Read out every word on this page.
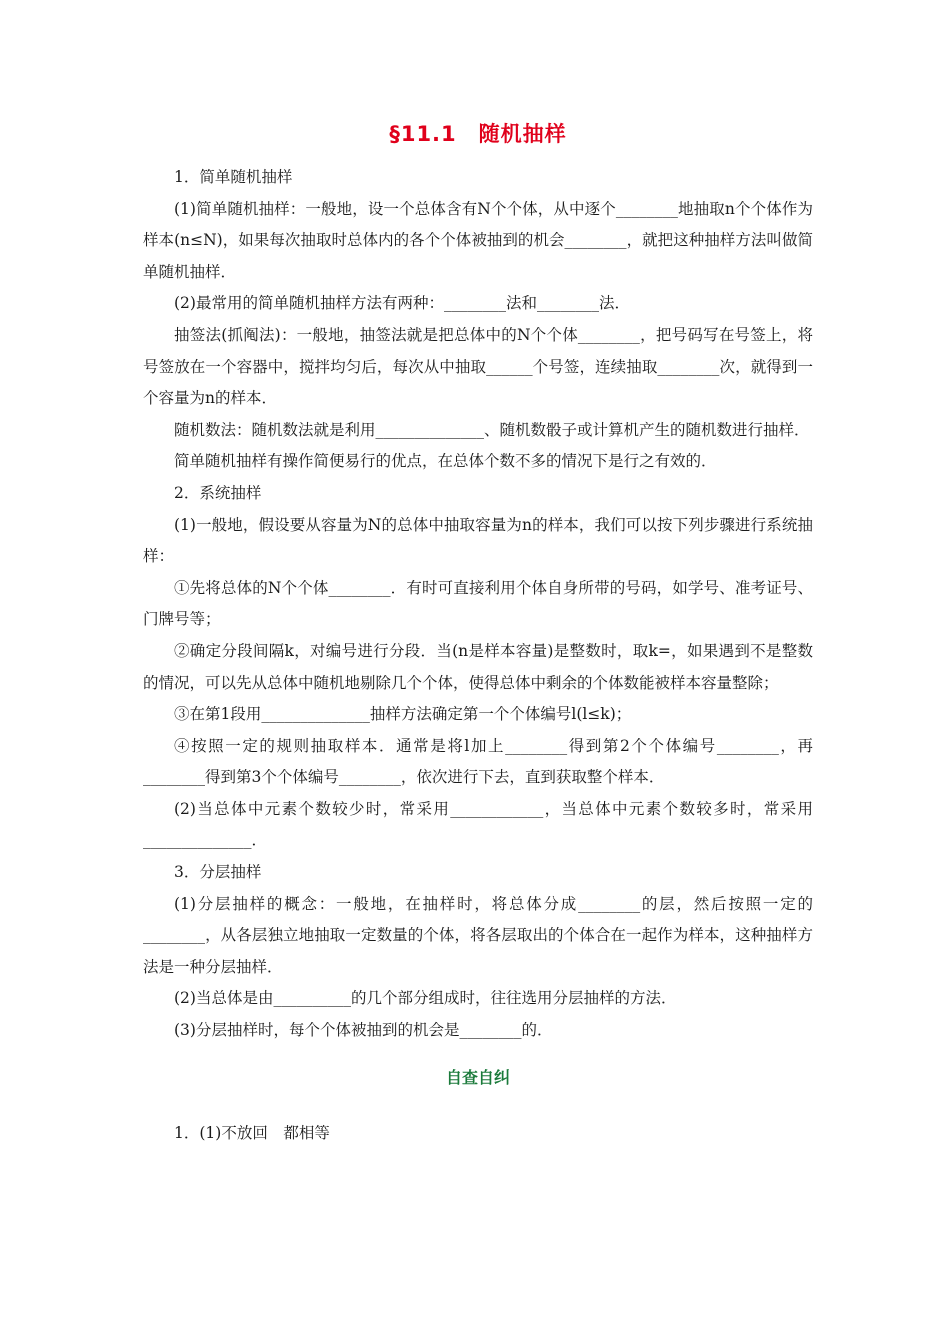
§11.1　随机抽样

1．简单随机抽样

(1)简单随机抽样：一般地，设一个总体含有N个个体，从中逐个________地抽取n个个体作为样本(n≤N)，如果每次抽取时总体内的各个个体被抽到的机会________，就把这种抽样方法叫做简单随机抽样．

(2)最常用的简单随机抽样方法有两种：________法和________法．

抽签法(抓阄法)：一般地，抽签法就是把总体中的N个个体________，把号码写在号签上，将号签放在一个容器中，搅拌均匀后，每次从中抽取______个号签，连续抽取________次，就得到一个容量为n的样本．

随机数法：随机数法就是利用______________、随机数骰子或计算机产生的随机数进行抽样．

简单随机抽样有操作简便易行的优点，在总体个数不多的情况下是行之有效的．

2．系统抽样

(1)一般地，假设要从容量为N的总体中抽取容量为n的样本，我们可以按下列步骤进行系统抽样：

①先将总体的N个个体________．有时可直接利用个体自身所带的号码，如学号、准考证号、门牌号等；

②确定分段间隔k，对编号进行分段．当(n是样本容量)是整数时，取k=，如果遇到不是整数的情况，可以先从总体中随机地剔除几个个体，使得总体中剩余的个体数能被样本容量整除；

③在第1段用______________抽样方法确定第一个个体编号l(l≤k)；

④按照一定的规则抽取样本．通常是将l加上________得到第2个个体编号________，再________得到第3个个体编号________，依次进行下去，直到获取整个样本．

(2)当总体中元素个数较少时，常采用____________，当总体中元素个数较多时，常采用______________．

3．分层抽样

(1)分层抽样的概念：一般地，在抽样时，将总体分成________的层，然后按照一定的________，从各层独立地抽取一定数量的个体，将各层取出的个体合在一起作为样本，这种抽样方法是一种分层抽样．

(2)当总体是由__________的几个部分组成时，往往选用分层抽样的方法．

(3)分层抽样时，每个个体被抽到的机会是________的．

自查自纠

1．(1)不放回　都相等
